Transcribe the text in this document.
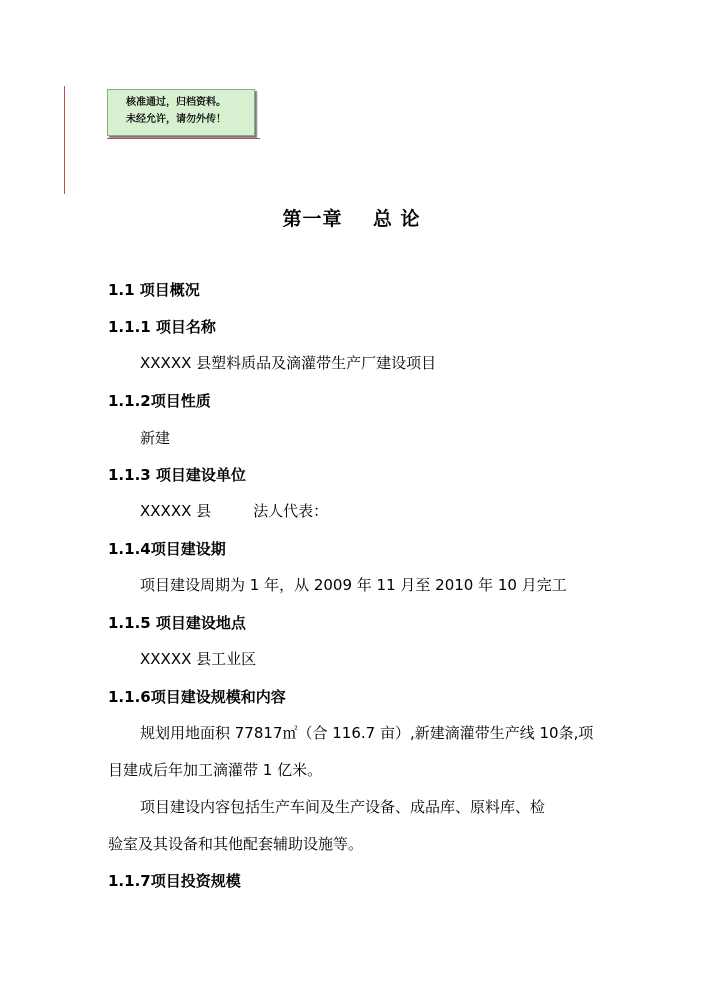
核准通过，归档资料。
未经允许，请勿外传！
第一章    总 论
1.1 项目概况
1.1.1 项目名称
XXXXX 县塑料质品及滴灌带生产厂建设项目
1.1.2项目性质
新建
1.1.3 项目建设单位
XXXXX 县	法人代表：
1.1.4项目建设期
项目建设周期为 1 年，从 2009 年 11 月至 2010 年 10 月完工
1.1.5 项目建设地点
XXXXX 县工业区
1.1.6项目建设规模和内容
规划用地面积 77817㎡（合 116.7 亩）,新建滴灌带生产线 10条,项
目建成后年加工滴灌带 1 亿米。
项目建设内容包括生产车间及生产设备、成品库、原料库、检
验室及其设备和其他配套辅助设施等。
1.1.7项目投资规模
